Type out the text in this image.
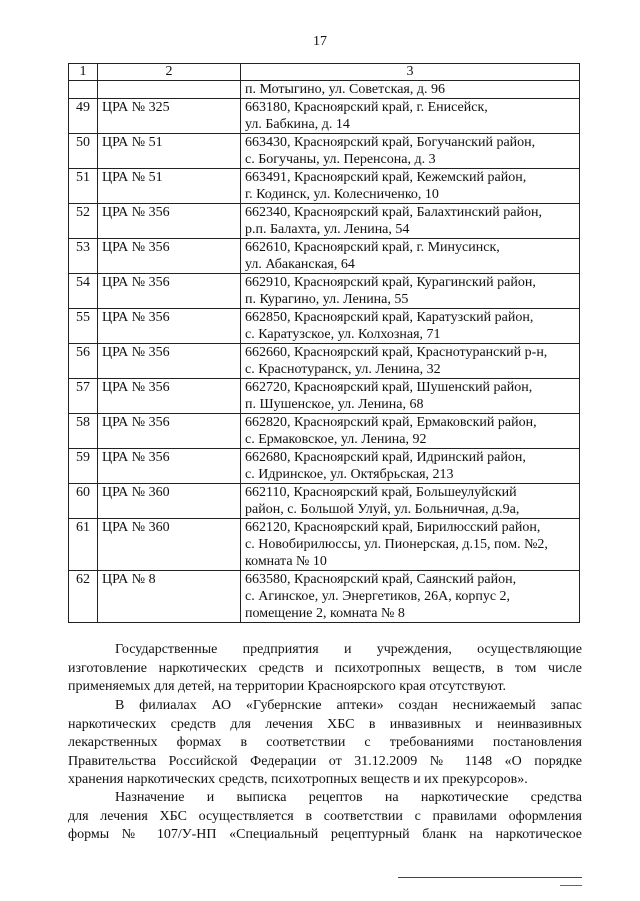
17
1	2	3
		п. Мотыгино, ул. Советская, д. 96
49	ЦРА № 325	663180, Красноярский край, г. Енисейск,
ул. Бабкина, д. 14

50	ЦРА № 51	663430, Красноярский край, Богучанский район,
с. Богучаны, ул. Перенсона, д. 3

51	ЦРА № 51	663491, Красноярский край, Кежемский район,
г. Кодинск, ул. Колесниченко, 10

52	ЦРА № 356	662340, Красноярский край, Балахтинский район,
р.п. Балахта, ул. Ленина, 54

53	ЦРА № 356	662610, Красноярский край, г. Минусинск,
ул. Абаканская, 64

54	ЦРА № 356	662910, Красноярский край, Курагинский район,
п. Курагино, ул. Ленина, 55

55	ЦРА № 356	662850, Красноярский край, Каратузский район,
с. Каратузское, ул. Колхозная, 71

56	ЦРА № 356	662660, Красноярский край, Краснотуранский р-н,
с. Краснотуранск, ул. Ленина, 32

57	ЦРА № 356	662720, Красноярский край, Шушенский район,
п. Шушенское, ул. Ленина, 68

58	ЦРА № 356	662820, Красноярский край, Ермаковский район,
с. Ермаковское, ул. Ленина, 92

59	ЦРА № 356	662680, Красноярский край, Идринский район,
с. Идринское, ул. Октябрьская, 213

60	ЦРА № 360	662110, Красноярский край, Большеулуйский
район, с. Большой Улуй, ул. Больничная, д.9а,

61	ЦРА № 360	662120, Красноярский край, Бирилюсский район,
с. Новобирилюссы, ул. Пионерская, д.15, пом. №2,
комната № 10

62	ЦРА № 8	663580, Красноярский край, Саянский район,
с. Агинское, ул. Энергетиков, 26А, корпус 2,
помещение 2, комната № 8

Государственные предприятия и учреждения, осуществляющие

изготовление наркотических средств и психотропных веществ, в том числе

применяемых для детей, на территории Красноярского края отсутствуют.

В филиалах АО «Губернские аптеки» создан неснижаемый запас

наркотических средств для лечения ХБС в инвазивных и неинвазивных

лекарственных формах в соответствии с требованиями постановления

Правительства Российской Федерации от 31.12.2009 № 1148 «О порядке

хранения наркотических средств, психотропных веществ и их прекурсоров».

Назначение и выписка рецептов на наркотические средства

для лечения ХБС осуществляется в соответствии с правилами оформления

формы № 107/У-НП «Специальный рецептурный бланк на наркотическое
